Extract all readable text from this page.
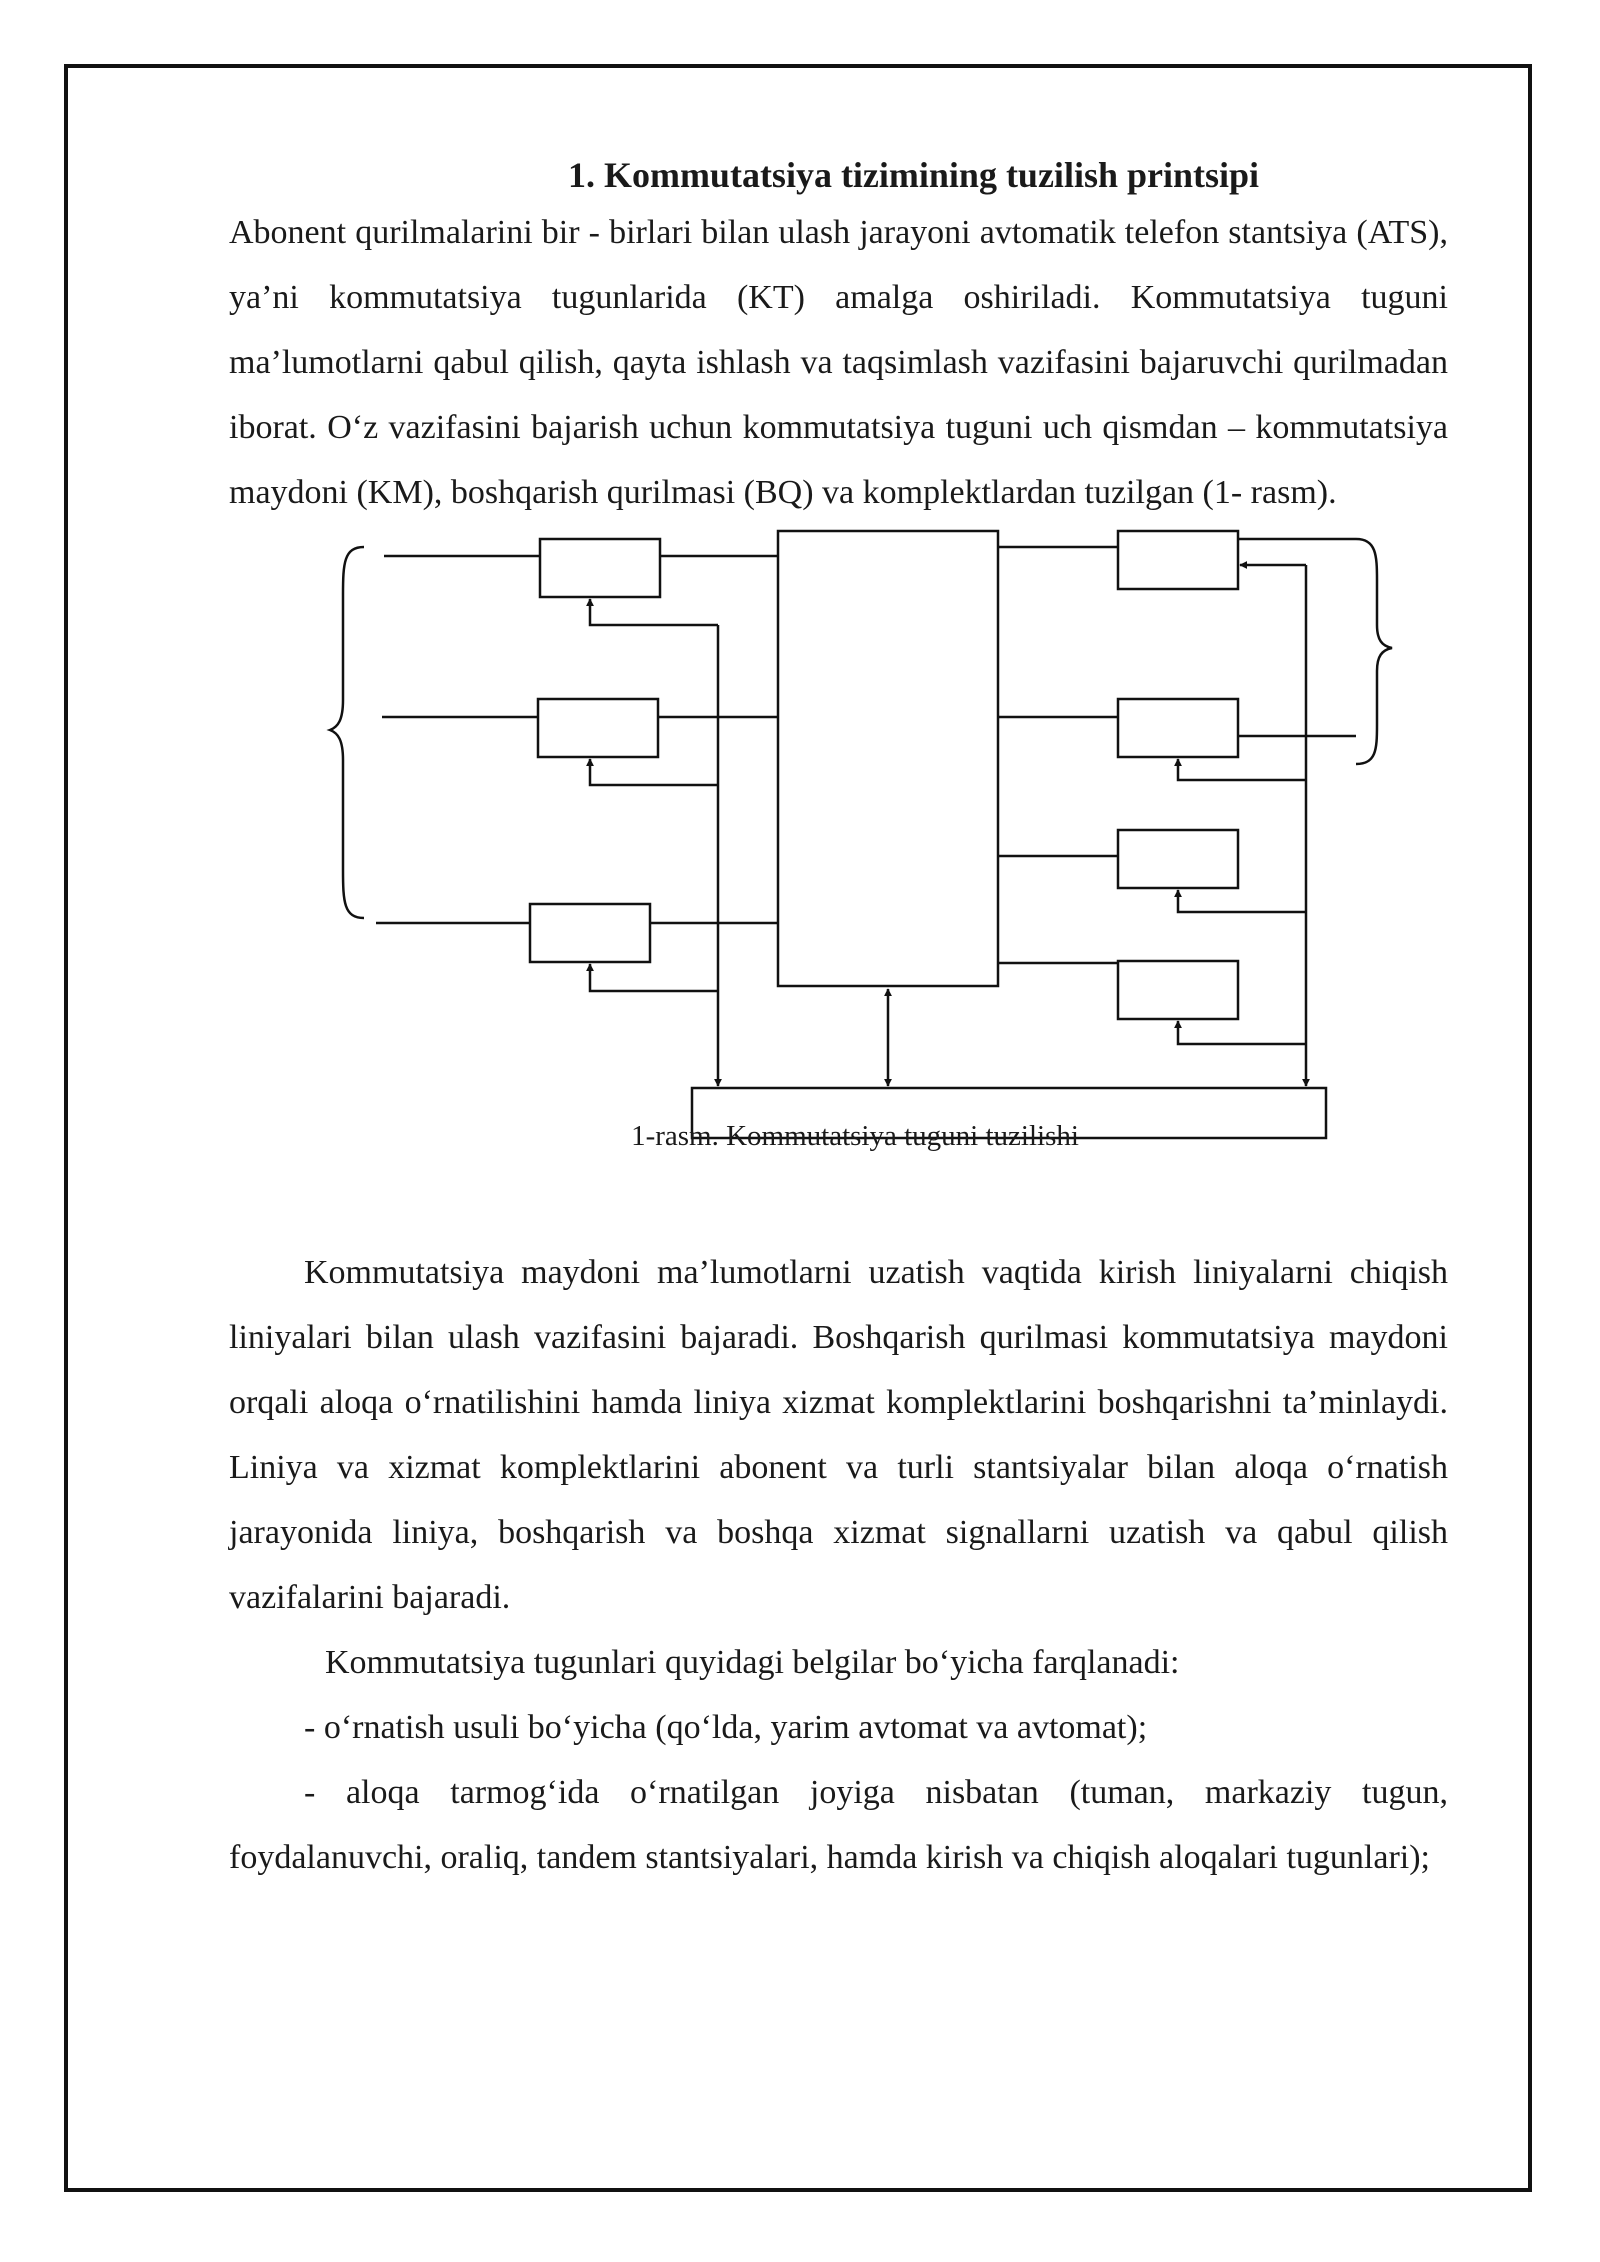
1. Kommutatsiya tizimining tuzilish printsipi

Abonent qurilmalarini bir - birlari bilan ulash jarayoni avtomatik telefon stantsiya (ATS), ya’ni kommutatsiya tugunlarida (KT) amalga oshiriladi. Kommutatsiya tuguni ma’lumotlarni qabul qilish, qayta ishlash va taqsimlash vazifasini bajaruvchi qurilmadan iborat. O‘z vazifasini bajarish uchun kommutatsiya tuguni uch qismdan – kommutatsiya maydoni (KM), boshqarish qurilmasi (BQ) va komplektlardan tuzilgan (1- rasm).

1-rasm. Kommutatsiya tuguni tuzilishi

Kommutatsiya maydoni ma’lumotlarni uzatish vaqtida kirish liniyalarni chiqish liniyalari bilan ulash vazifasini bajaradi. Boshqarish qurilmasi kommutatsiya maydoni orqali aloqa o‘rnatilishini hamda liniya xizmat komplektlarini boshqarishni ta’minlaydi. Liniya va xizmat komplektlarini abonent va turli stantsiyalar bilan aloqa o‘rnatish jarayonida liniya, boshqarish va boshqa xizmat signallarni uzatish va qabul qilish vazifalarini bajaradi.

Kommutatsiya tugunlari quyidagi belgilar bo‘yicha farqlanadi:

- o‘rnatish usuli bo‘yicha (qo‘lda, yarim avtomat va avtomat);

- aloqa tarmog‘ida o‘rnatilgan joyiga nisbatan (tuman, markaziy tugun, foydalanuvchi, oraliq, tandem stantsiyalari, hamda kirish va chiqish aloqalari tugunlari);
